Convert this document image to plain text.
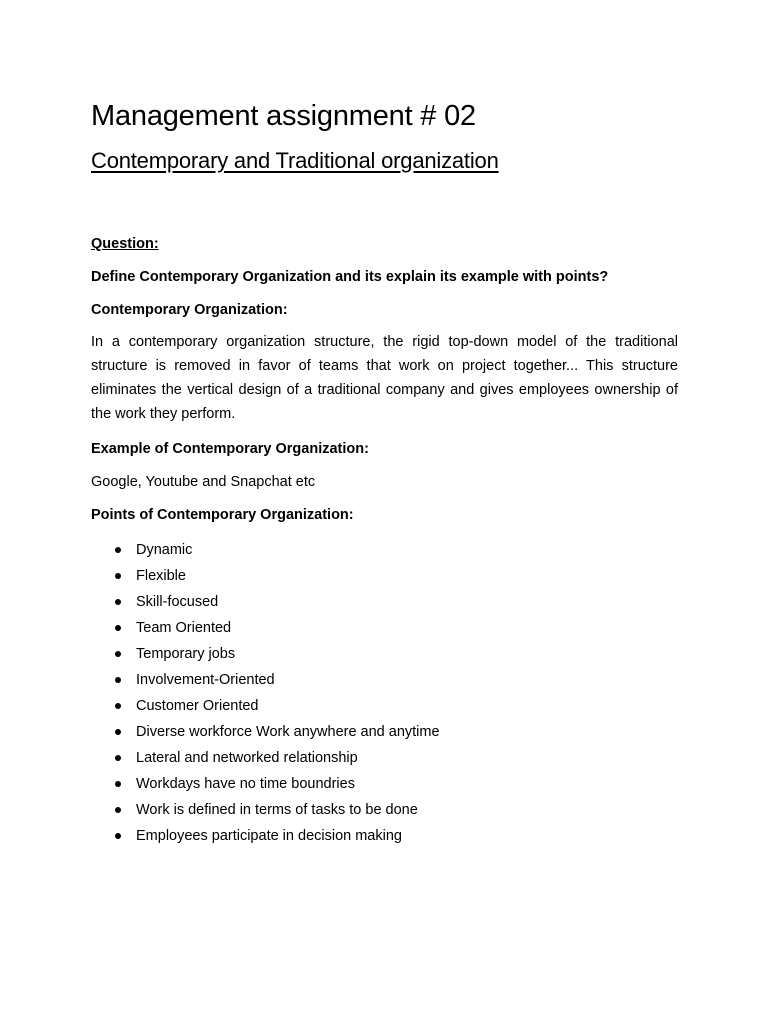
Management assignment # 02
Contemporary and Traditional organization

Question:

Define Contemporary Organization and its explain its example with points?

Contemporary Organization:

In a contemporary organization structure, the rigid top-down model of the traditional structure is removed in favor of teams that work on project together... This structure eliminates the vertical design of a traditional company and gives employees ownership of the work they perform.

Example of Contemporary Organization:

Google, Youtube and Snapchat etc

Points of Contemporary Organization:

Dynamic
Flexible
Skill-focused
Team Oriented
Temporary jobs
Involvement-Oriented
Customer Oriented
Diverse workforce Work anywhere and anytime
Lateral and networked relationship
Workdays have no time boundries
Work is defined in terms of tasks to be done
Employees participate in decision making
